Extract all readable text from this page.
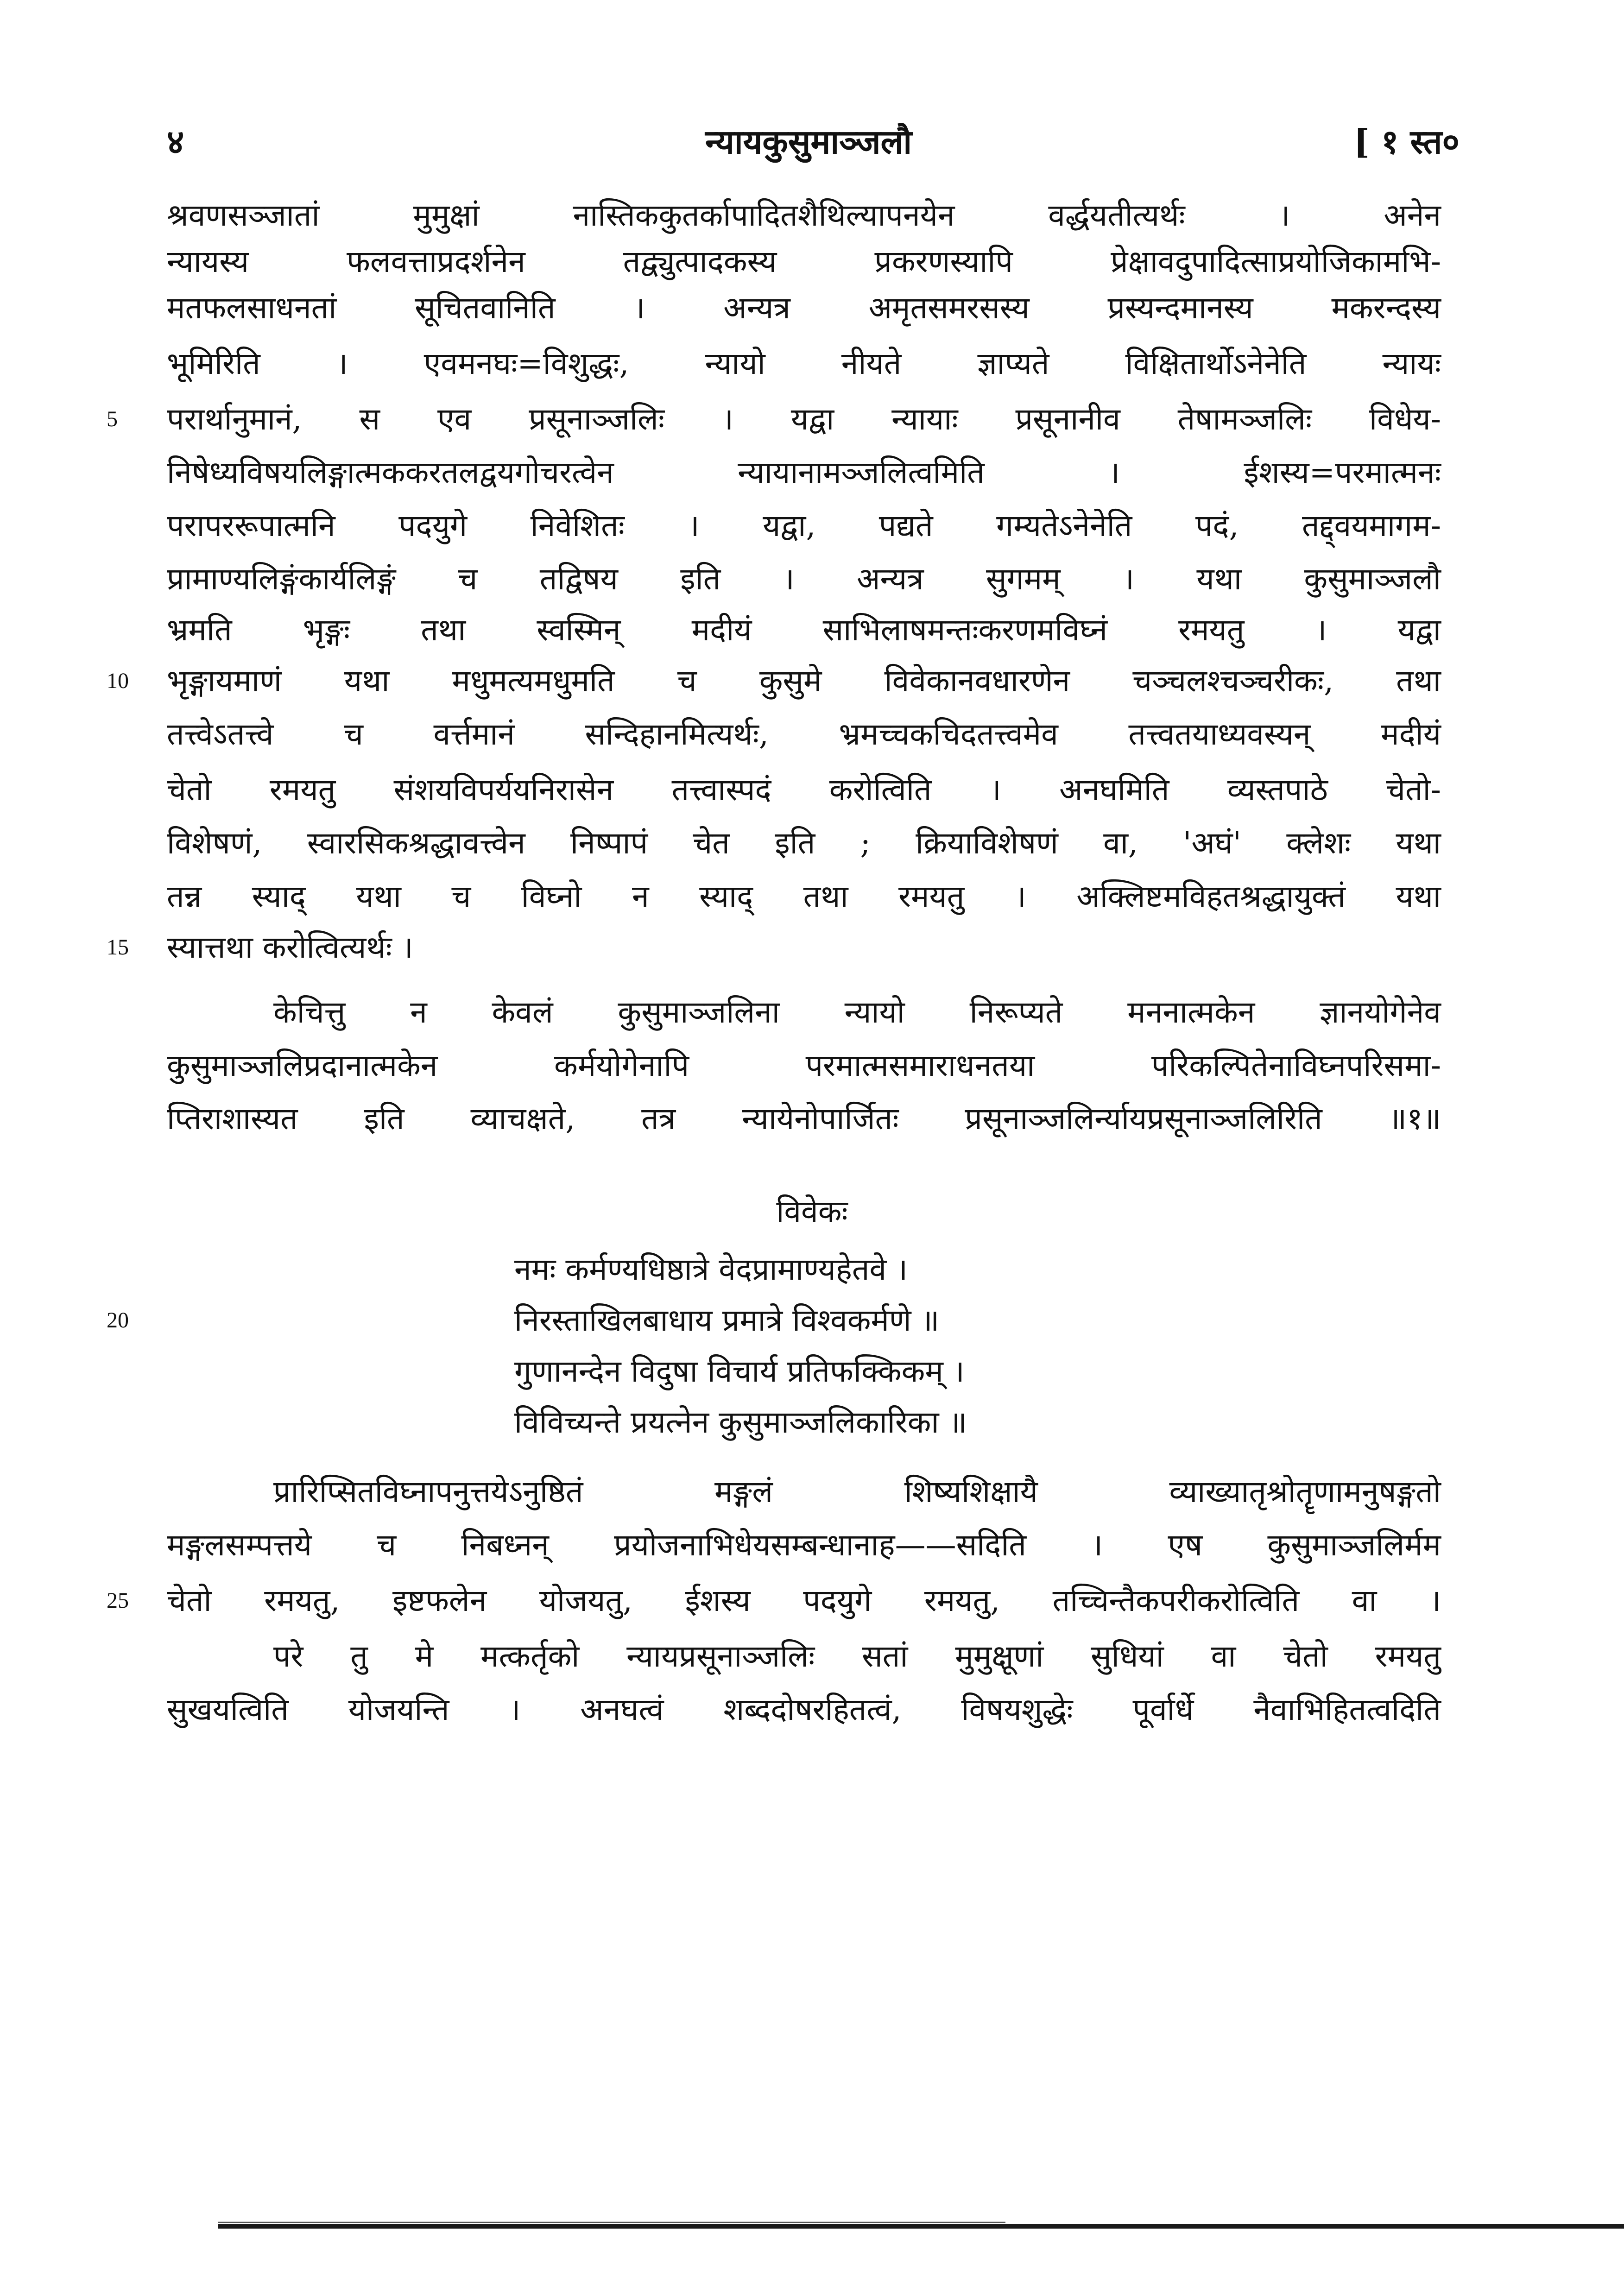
४	न्यायकुसुमाञ्जलौ	[ १ स्त०
श्रवणसञ्जातां मुमुक्षां नास्तिककुतर्कापादितशैथिल्यापनयेन वर्द्धयतीत्यर्थः । अनेन
न्यायस्य फलवत्ताप्रदर्शनेन तद्व्युत्पादकस्य प्रकरणस्यापि प्रेक्षावदुपादित्साप्रयोजिकामभि-
मतफलसाधनतां सूचितवानिति । अन्यत्र अमृतसमरसस्य प्रस्यन्दमानस्य मकरन्दस्य
भूमिरिति । एवमनघः=विशुद्धः, न्यायो नीयते ज्ञाप्यते विक्षितार्थोऽनेनेति न्यायः
5	परार्थानुमानं, स एव प्रसूनाञ्जलिः । यद्वा न्यायाः प्रसूनानीव तेषामञ्जलिः विधेय-
निषेध्यविषयलिङ्गात्मककरतलद्वयगोचरत्वेन न्यायानामञ्जलित्वमिति । ईशस्य=परमात्मनः
परापररूपात्मनि पदयुगे निवेशितः । यद्वा, पद्यते गम्यतेऽनेनेति पदं, तद्द्वयमागम-
प्रामाण्यलिङ्गंकार्यलिङ्गं च तद्विषय इति । अन्यत्र सुगमम् । यथा कुसुमाञ्जलौ
भ्रमति भृङ्गः तथा स्वस्मिन् मदीयं साभिलाषमन्तःकरणमविघ्नं रमयतु । यद्वा
10	भृङ्गायमाणं यथा मधुमत्यमधुमति च कुसुमे विवेकानवधारणेन चञ्चलश्चञ्चरीकः, तथा
तत्त्वेऽतत्त्वे च वर्त्तमानं सन्दिहानमित्यर्थः, भ्रमच्चकचिदतत्त्वमेव तत्त्वतयाध्यवस्यन् मदीयं
चेतो रमयतु संशयविपर्ययनिरासेन तत्त्वास्पदं करोत्विति । अनघमिति व्यस्तपाठे चेतो-
विशेषणं, स्वारसिकश्रद्धावत्त्वेन निष्पापं चेत इति ; क्रियाविशेषणं वा, 'अघं' क्लेशः यथा
तन्न स्याद् यथा च विघ्नो न स्याद् तथा रमयतु । अक्लिष्टमविहतश्रद्धायुक्तं यथा
15	स्यात्तथा करोत्वित्यर्थः ।
केचित्तु न केवलं कुसुमाञ्जलिना न्यायो निरूप्यते मननात्मकेन ज्ञानयोगेनेव
कुसुमाञ्जलिप्रदानात्मकेन कर्मयोगेनापि परमात्मसमाराधनतया परिकल्पितेनाविघ्नपरिसमा-
प्तिराशास्यत इति व्याचक्षते, तत्र न्यायेनोपार्जितः प्रसूनाञ्जलिर्न्यायप्रसूनाञ्जलिरिति ॥१॥
विवेकः
नमः कर्मण्यधिष्ठात्रे वेदप्रामाण्यहेतवे ।
20	निरस्ताखिलबाधाय प्रमात्रे विश्वकर्मणे ॥
गुणानन्देन विदुषा विचार्य प्रतिफक्किकम् ।
विविच्यन्ते प्रयत्नेन कुसुमाञ्जलिकारिका ॥
प्रारिप्सितविघ्नापनुत्तयेऽनुष्ठितं मङ्गलं शिष्यशिक्षायै व्याख्यातृश्रोतॄणामनुषङ्गतो
मङ्गलसम्पत्तये च निबध्नन् प्रयोजनाभिधेयसम्बन्धानाह——सदिति । एष कुसुमाञ्जलिर्मम
25	चेतो रमयतु, इष्टफलेन योजयतु, ईशस्य पदयुगे रमयतु, तच्चिन्तैकपरीकरोत्विति वा ।
परे तु मे मत्कर्तृको न्यायप्रसूनाञ्जलिः सतां मुमुक्षूणां सुधियां वा चेतो रमयतु
सुखयत्विति योजयन्ति । अनघत्वं शब्ददोषरहितत्वं, विषयशुद्धेः पूर्वार्धे नैवाभिहितत्वदिति
